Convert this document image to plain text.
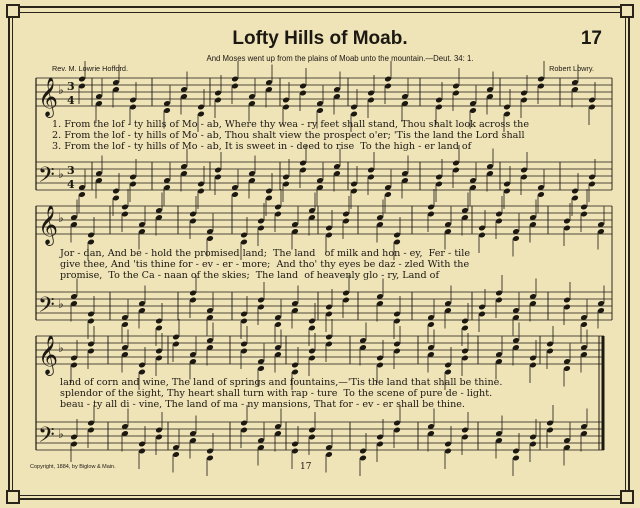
Lofty Hills of Moab.	17
And Moses went up from the plains of Moab unto the mountain.—Deut. 34: 1.
Rev. M. Lowrie Hofford.	Robert Lowry.
𝄞 ♭ 3
4
𝄢 ♭ 3
4
𝄞 ♭
𝄢 ♭
𝄞 ♭
𝄢 ♭
1. From the lof - ty hills of Mo - ab, Where thy wea - ry feet shall stand, Thou shalt look across the
2. From the lof - ty hills of Mo - ab, Thou shalt view the prospect o'er; 'Tis the land the Lord shall
3. From the lof - ty hills of Mo - ab, It is sweet in - deed to rise  To the high - er land of
Jor - dan, And be - hold the promised land;  The land   of milk and hon - ey,  Fer - tile
give thee, And 'tis thine for - ev - er - more;  And tho' thy eyes be daz - zled With the
promise,  To the Ca - naan of the skies;  The land  of heavenly glo - ry, Land of
land of corn and wine, The land of springs and fountains,—'Tis the land that shall be thine.
splendor of the sight, Thy heart shall turn with rap - ture  To the scene of pure de - light.
beau - ty all di - vine, The land of ma - ny mansions, That for - ev - er shall be thine.
Copyright, 1884, by Biglow & Main.	17
